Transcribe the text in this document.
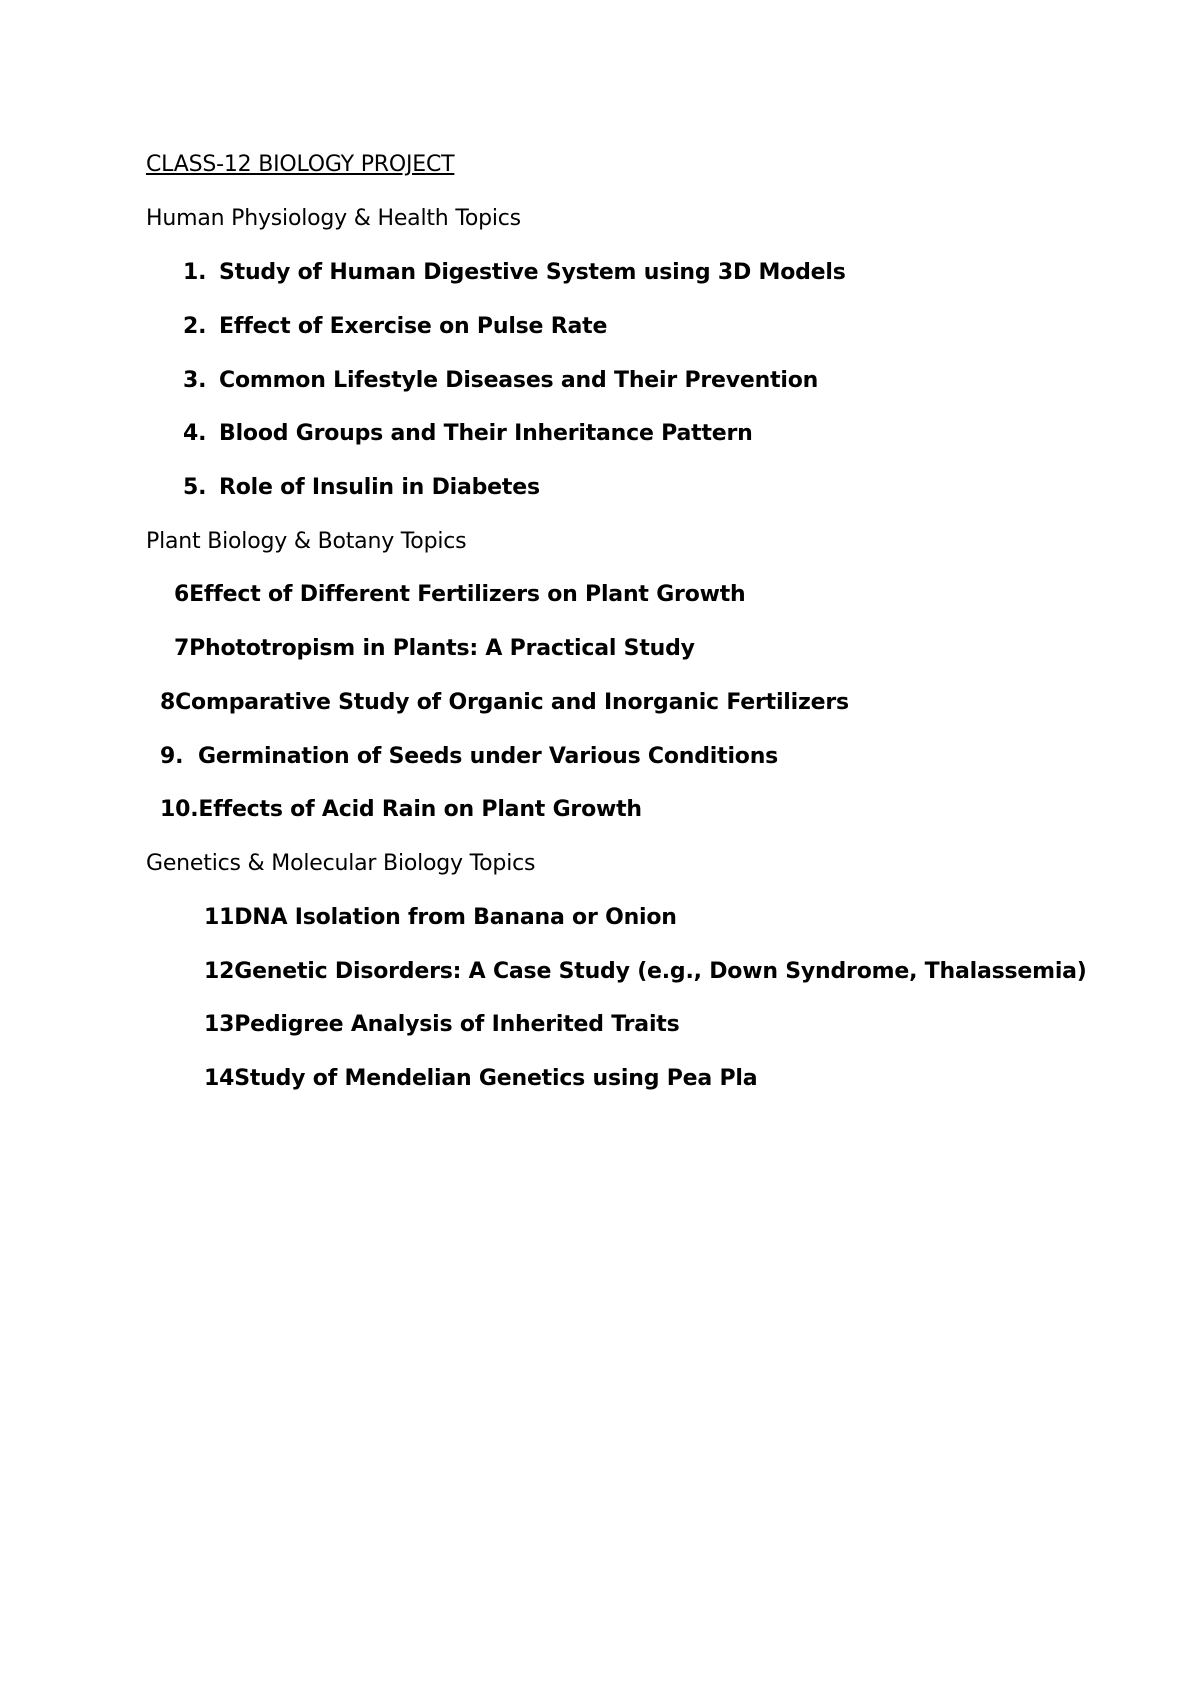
CLASS-12 BIOLOGY PROJECT
Human Physiology & Health Topics
1. Study of Human Digestive System using 3D Models
2. Effect of Exercise on Pulse Rate
3. Common Lifestyle Diseases and Their Prevention
4. Blood Groups and Their Inheritance Pattern
5. Role of Insulin in Diabetes
Plant Biology & Botany Topics
6Effect of Different Fertilizers on Plant Growth
7Phototropism in Plants: A Practical Study
8Comparative Study of Organic and Inorganic Fertilizers
9. Germination of Seeds under Various Conditions
10.Effects of Acid Rain on Plant Growth
Genetics & Molecular Biology Topics
11DNA Isolation from Banana or Onion
12Genetic Disorders: A Case Study (e.g., Down Syndrome, Thalassemia)
13Pedigree Analysis of Inherited Traits
14Study of Mendelian Genetics using Pea Pla
